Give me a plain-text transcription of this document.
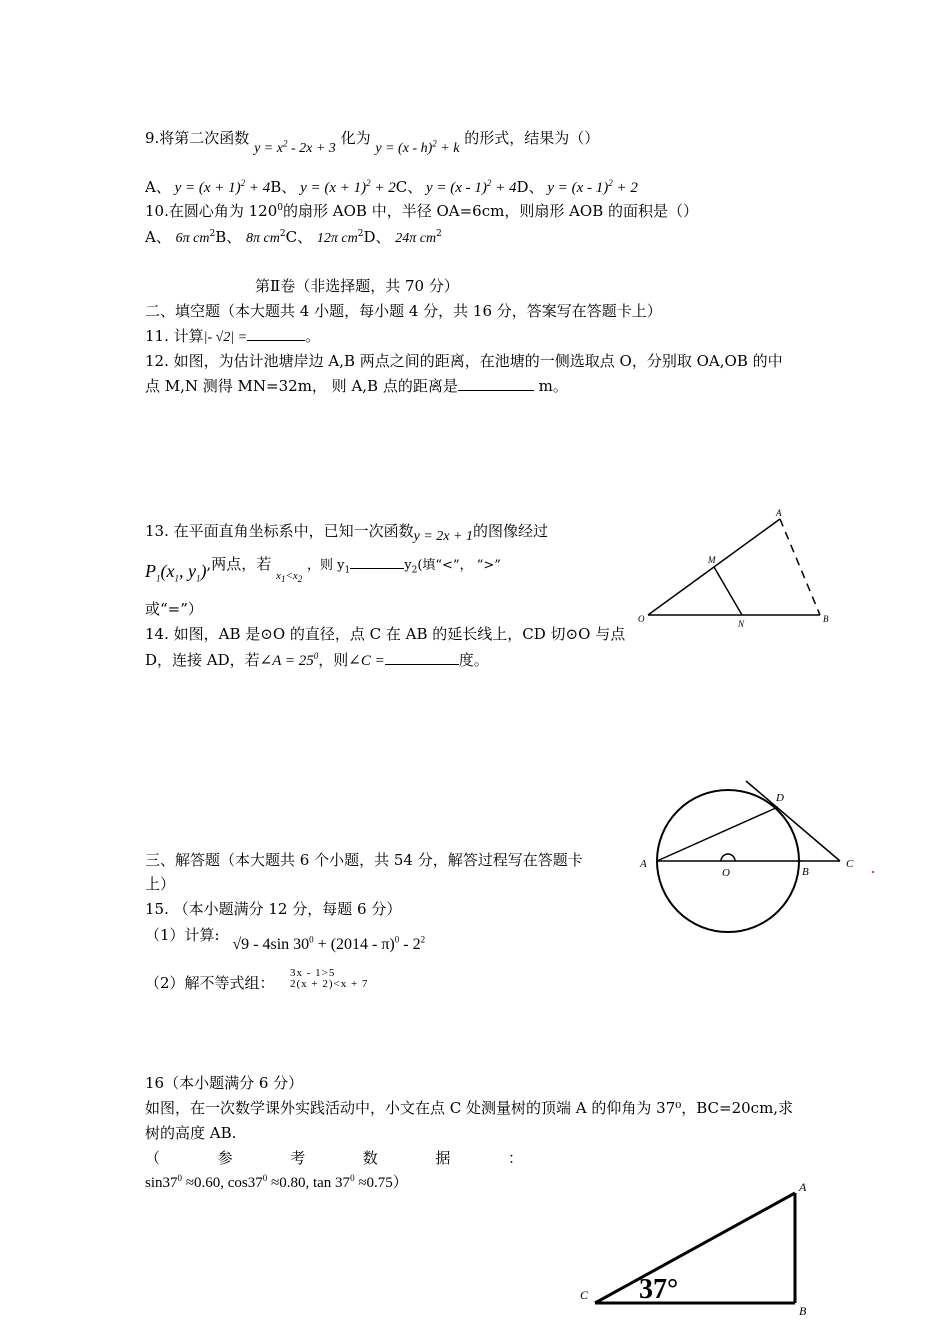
9.将第二次函数 $y = x^2 - 2x + 3$ 化为 y = (x - h)$^2$ + k 的形式，结果为（）
A、 $y = (x + 1)^2 + 4B$、 $y = (x + 1)^2 + 2C$、 y = (x - 1)$^2$ + 4D、 y = (x - 1)$^2$ + 2
10.在圆心角为 $120^0$的扇形 AOB 中，半径 OA=6cm，则扇形 AOB 的面积是（）
A、 6π $cm^2B$、 8π $cm^2C$、 12π $cm^2D$、 24π $cm^2$
第Ⅱ卷（非选择题，共 70 分）
二、填空题（本大题共 4 小题，每小题 4 分，共 16 分，答案写在答题卡上）
11. 计算|- √2| =	。
12. 如图，为估计池塘岸边 A,B 两点之间的距离，在池塘的一侧选取点 O，分别取 OA,OB 的中
点 M,N 测得 MN=32m， 则 A,B 点的距离是	m。
A
M
O	N	B
13. 在平面直角坐标系中，已知一次函数y = 2x + 1的图像经过
$P_1(x_1$, $y_1$),两点，若 $_{x_1<x_2}$ ，则 $y_1$	$y_2$(填“<”， “>”
或“=”）
14. 如图，AB 是⊙O 的直径，点 C 在 AB 的延长线上，CD 切⊙O 与点
D，连接 AD，若∠A = $25^0$，则∠C =	度。
D
A
O	B
C
三、解答题（本大题共 6 个小题，共 54 分，解答过程写在答题卡
上）
15. （本小题满分 12 分，每题 6 分）
（1）计算: √9 - 4sin $30^0 + (2014 - \pi)^0 - 2^2$
（2）解不等式组：
3x - 1>5
2(x + 2)<x + 7
16（本小题满分 6 分）
如图，在一次数学课外实践活动中，小文在点 C 处测量树的顶端 A 的仰角为 37⁰，BC=20cm,求
树的高度 AB.
（	参	考	数	据	：
$\sin 37^0 \approx 0.60$, $\cos 37^0 \approx 0.80$, $\tan 37^0 \approx 0.75$）	A
C
B
37°
